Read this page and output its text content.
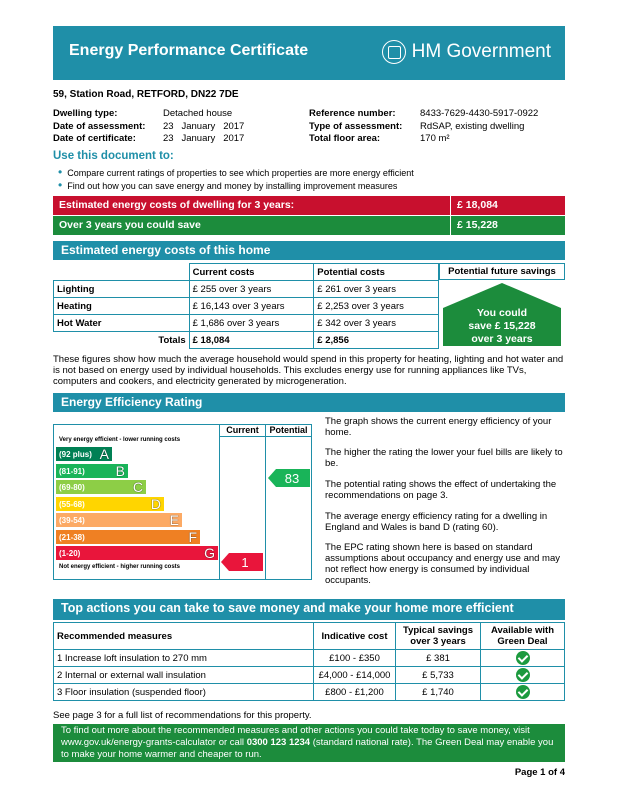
Energy Performance Certificate	HM Government
59, Station Road, RETFORD, DN22 7DE
Dwelling type:	Detached house
Date of assessment: 23   January   2017
Date of certificate:	23   January   2017
Reference number:	8433-7629-4430-5917-0922
Type of assessment: RdSAP, existing dwelling
Total floor area:	170 m²
Use this document to:
• Compare current ratings of properties to see which properties are more energy efficient
• Find out how you can save energy and money by installing improvement measures
Estimated energy costs of dwelling for 3 years:	£ 18,084
Over 3 years you could save	£ 15,228
Estimated energy costs of this home
	Current costs	Potential costs
Lighting	£ 255 over 3 years	£ 261 over 3 years
Heating	£ 16,143 over 3 years	£ 2,253 over 3 years
Hot Water	£ 1,686 over 3 years	£ 342 over 3 years
Totals	£ 18,084	£ 2,856
Potential future savings
You could
save £ 15,228
over 3 years
These figures show how much the average household would spend in this property for heating, lighting and hot water and is not based on energy used by individual households. This excludes energy use for running appliances like TVs, computers and cookers, and electricity generated by microgeneration.
Energy Efficiency Rating
Current	Potential
Very energy efficient - lower running costs
(92 plus) A
(81-91) B
(69-80)	C
(55-68)	D
(39-54)	E
(21-38)	F
(1-20)	G
Not energy efficient - higher running costs
83
1
The graph shows the current energy efficiency of your home.
The higher the rating the lower your fuel bills are likely to be.
The potential rating shows the effect of undertaking the recommendations on page 3.
The average energy efficiency rating for a dwelling in England and Wales is band D (rating 60).
The EPC rating shown here is based on standard assumptions about occupancy and energy use and may not reflect how energy is consumed by individual occupants.
Top actions you can take to save money and make your home more efficient
Recommended measures	Indicative cost	Typical savings over 3 years	Available with Green Deal
1 Increase loft insulation to 270 mm	£100 - £350	£ 381	
2 Internal or external wall insulation	£4,000 - £14,000	£ 5,733	
3 Floor insulation (suspended floor)	£800 - £1,200	£ 1,740	
See page 3 for a full list of recommendations for this property.
To find out more about the recommended measures and other actions you could take today to save money, visit www.gov.uk/energy-grants-calculator or call 0300 123 1234 (standard national rate). The Green Deal may enable you to make your home warmer and cheaper to run.
Page 1 of 4
